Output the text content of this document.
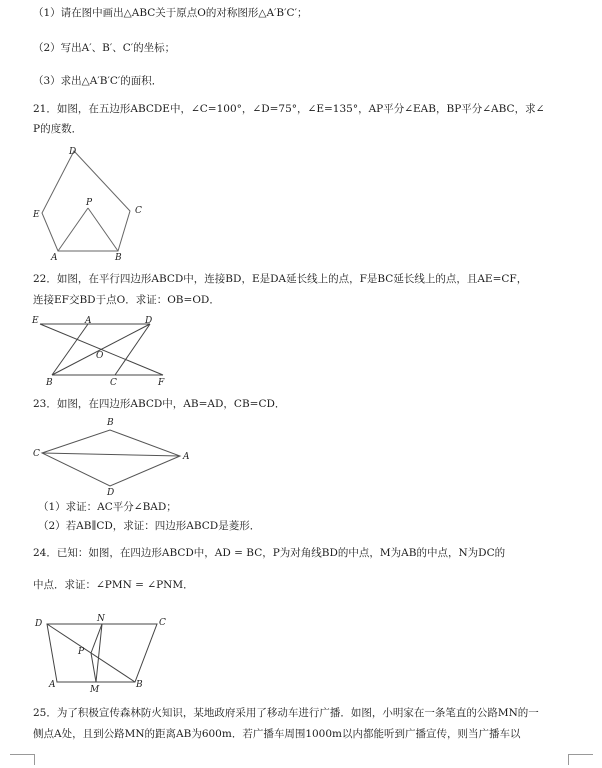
（1）请在图中画出△ABC关于原点O的对称图形△A′B′C′；
（2）写出A′、B′、C′的坐标；
（3）求出△A′B′C′的面积．
21．如图，在五边形ABCDE中，∠C=100°，∠D=75°，∠E=135°，AP平分∠EAB，BP平分∠ABC，求∠
P的度数．
D
E
P
C
A	B
22．如图，在平行四边形ABCD中，连接BD，E是DA延长线上的点，F是BC延长线上的点，且AE=CF，
连接EF交BD于点O．求证：OB=OD．
E	A	D
O
B	C	F
23．如图，在四边形ABCD中，AB=AD，CB=CD．
B
C	A
D
（1）求证：AC平分∠BAD；
（2）若AB∥CD，求证：四边形ABCD是菱形．
24．已知：如图，在四边形ABCD中，AD = BC，P为对角线BD的中点，M为AB的中点，N为DC的
中点．求证：∠PMN = ∠PNM．
D	N	C
P
A	M	B
25．为了积极宣传森林防火知识，某地政府采用了移动车进行广播．如图，小明家在一条笔直的公路MN的一
侧点A处，且到公路MN的距离AB为600m．若广播车周围1000m以内都能听到广播宣传，则当广播车以
